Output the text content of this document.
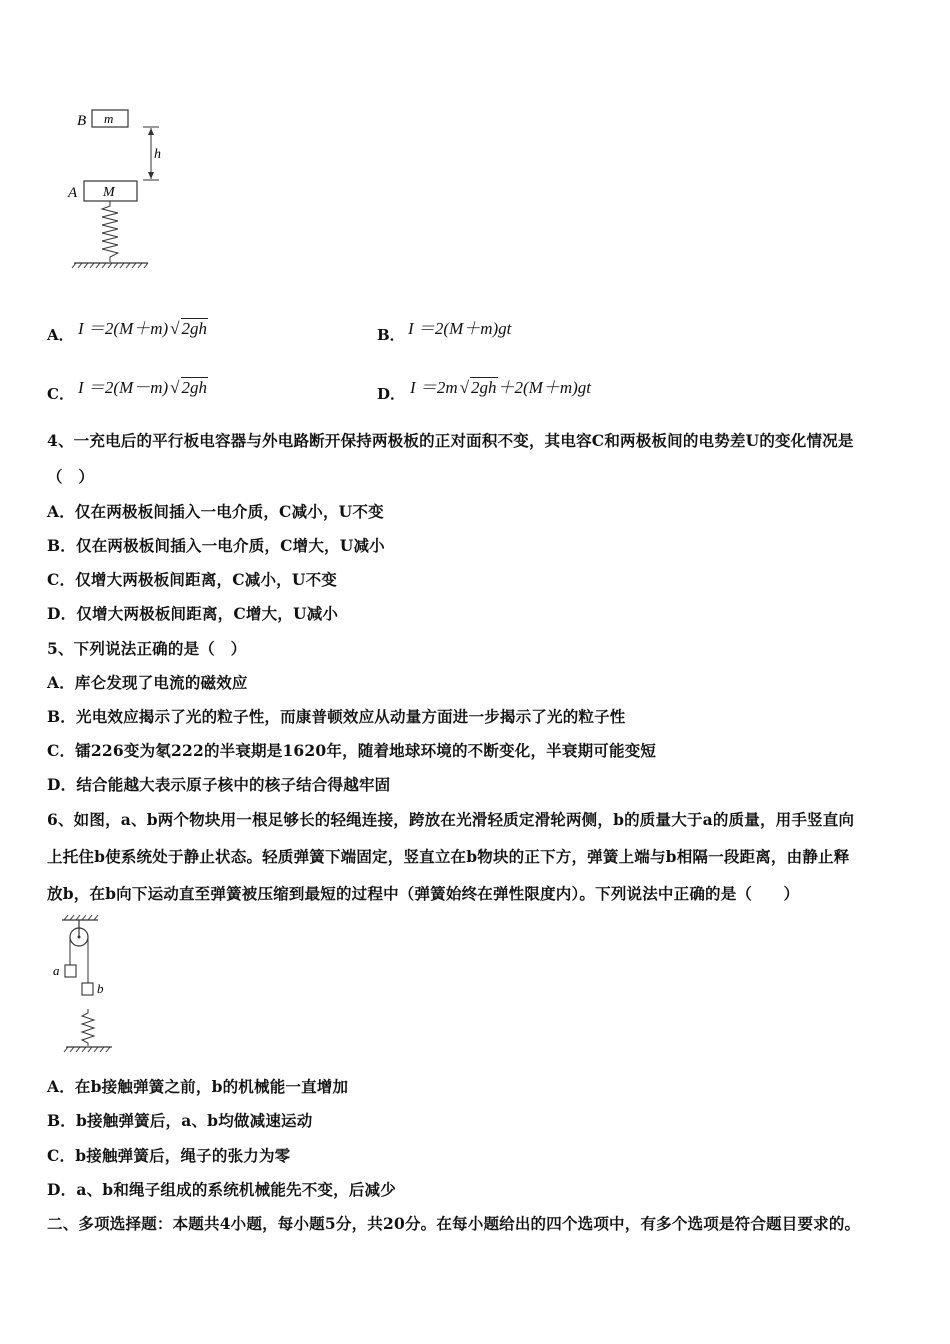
B m
h
A M
A． I ＝2(M＋m) √ 2gh	B． I ＝2(M＋m)gt
C． I ＝2(M－m) √ 2gh	D． I ＝2m √ 2gh＋2(M＋m)gt
4、一充电后的平行板电容器与外电路断开保持两极板的正对面积不变，其电容C和两极板间的电势差U的变化情况是
（　）
A．仅在两极板间插入一电介质，C减小，U不变
B．仅在两极板间插入一电介质，C增大，U减小
C．仅增大两极板间距离，C减小，U不变
D．仅增大两极板间距离，C增大，U减小
5、下列说法正确的是（　）
A．库仑发现了电流的磁效应
B．光电效应揭示了光的粒子性，而康普顿效应从动量方面进一步揭示了光的粒子性
C．镭226变为氡222的半衰期是1620年，随着地球环境的不断变化，半衰期可能变短
D．结合能越大表示原子核中的核子结合得越牢固
6、如图，a、b两个物块用一根足够长的轻绳连接，跨放在光滑轻质定滑轮两侧，b的质量大于a的质量，用手竖直向
上托住b使系统处于静止状态。轻质弹簧下端固定，竖直立在b物块的正下方，弹簧上端与b相隔一段距离，由静止释
放b，在b向下运动直至弹簧被压缩到最短的过程中（弹簧始终在弹性限度内）。下列说法中正确的是（　　）
a
b
A．在b接触弹簧之前，b的机械能一直增加
B．b接触弹簧后，a、b均做减速运动
C．b接触弹簧后，绳子的张力为零
D．a、b和绳子组成的系统机械能先不变，后减少
二、多项选择题：本题共4小题，每小题5分，共20分。在每小题给出的四个选项中，有多个选项是符合题目要求的。
